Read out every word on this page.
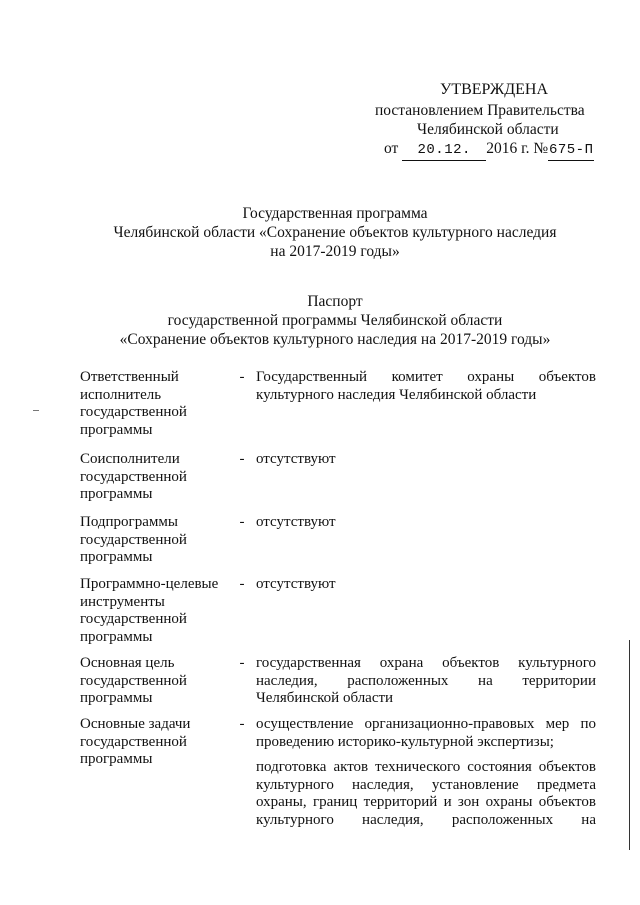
УТВЕРЖДЕНА
постановлением Правительства
Челябинской области
от 20.12. 2016 г. №675-П
Государственная программа
Челябинской области «Сохранение объектов культурного наследия
на 2017-2019 годы»
Паспорт
государственной программы Челябинской области
«Сохранение объектов культурного наследия на 2017-2019 годы»
Ответственный исполнитель государственной программы
- Государственный комитет охраны объектов культурного наследия Челябинской области
Соисполнители государственной программы
- отсутствуют
Подпрограммы государственной программы
- отсутствуют
Программно-целевые инструменты государственной программы
- отсутствуют
Основная цель государственной программы
- государственная охрана объектов культурного наследия, расположенных на территории Челябинской области
Основные задачи государственной программы
- осуществление организационно-правовых мер по проведению историко-культурной экспертизы;
подготовка актов технического состояния объектов культурного наследия, установление предмета охраны, границ территорий и зон охраны объектов культурного наследия, расположенных на
